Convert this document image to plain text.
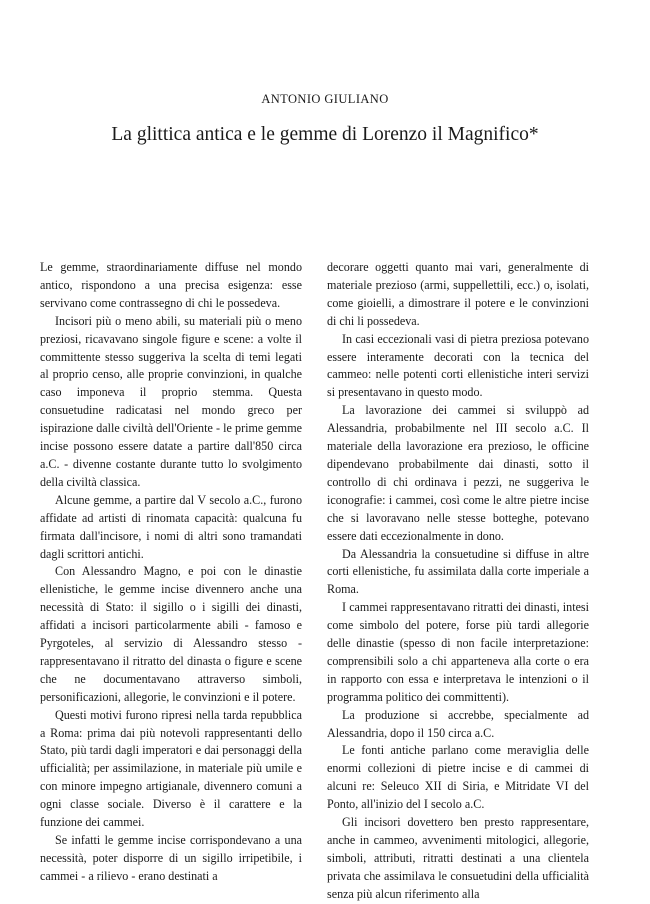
ANTONIO GIULIANO
La glittica antica e le gemme di Lorenzo il Magnifico*

Le gemme, straordinariamente diffuse nel mondo antico, rispondono a una precisa esigenza: esse servivano come contrassegno di chi le possedeva.

Incisori più o meno abili, su materiali più o meno preziosi, ricavavano singole figure e scene: a volte il committente stesso suggeriva la scelta di temi legati al proprio censo, alle proprie convinzioni, in qualche caso imponeva il proprio stemma. Questa consuetudine radicatasi nel mondo greco per ispirazione dalle civiltà dell'Oriente - le prime gemme incise possono essere datate a partire dall'850 circa a.C. - divenne costante durante tutto lo svolgimento della civiltà classica.

Alcune gemme, a partire dal V secolo a.C., furono affidate ad artisti di rinomata capacità: qualcuna fu firmata dall'incisore, i nomi di altri sono tramandati dagli scrittori antichi.

Con Alessandro Magno, e poi con le dinastie ellenistiche, le gemme incise divennero anche una necessità di Stato: il sigillo o i sigilli dei dinasti, affidati a incisori particolarmente abili - famoso e Pyrgoteles, al servizio di Alessandro stesso - rappresentavano il ritratto del dinasta o figure e scene che ne documentavano attraverso simboli, personificazioni, allegorie, le convinzioni e il potere.

Questi motivi furono ripresi nella tarda repubblica a Roma: prima dai più notevoli rappresentanti dello Stato, più tardi dagli imperatori e dai personaggi della ufficialità; per assimilazione, in materiale più umile e con minore impegno artigianale, divennero comuni a ogni classe sociale. Diverso è il carattere e la funzione dei cammei.

Se infatti le gemme incise corrispondevano a una necessità, poter disporre di un sigillo irripetibile, i cammei - a rilievo - erano destinati a

decorare oggetti quanto mai vari, generalmente di materiale prezioso (armi, suppellettili, ecc.) o, isolati, come gioielli, a dimostrare il potere e le convinzioni di chi li possedeva.

In casi eccezionali vasi di pietra preziosa potevano essere interamente decorati con la tecnica del cammeo: nelle potenti corti ellenistiche interi servizi si presentavano in questo modo.

La lavorazione dei cammei si sviluppò ad Alessandria, probabilmente nel III secolo a.C. Il materiale della lavorazione era prezioso, le officine dipendevano probabilmente dai dinasti, sotto il controllo di chi ordinava i pezzi, ne suggeriva le iconografie: i cammei, così come le altre pietre incise che si lavoravano nelle stesse botteghe, potevano essere dati eccezionalmente in dono.

Da Alessandria la consuetudine si diffuse in altre corti ellenistiche, fu assimilata dalla corte imperiale a Roma.

I cammei rappresentavano ritratti dei dinasti, intesi come simbolo del potere, forse più tardi allegorie delle dinastie (spesso di non facile interpretazione: comprensibili solo a chi apparteneva alla corte o era in rapporto con essa e interpretava le intenzioni o il programma politico dei committenti).

La produzione si accrebbe, specialmente ad Alessandria, dopo il 150 circa a.C.

Le fonti antiche parlano come meraviglia delle enormi collezioni di pietre incise e di cammei di alcuni re: Seleuco XII di Siria, e Mitridate VI del Ponto, all'inizio del I secolo a.C.

Gli incisori dovettero ben presto rappresentare, anche in cammeo, avvenimenti mitologici, allegorie, simboli, attributi, ritratti destinati a una clientela privata che assimilava le consuetudini della ufficialità senza più alcun riferimento alla
